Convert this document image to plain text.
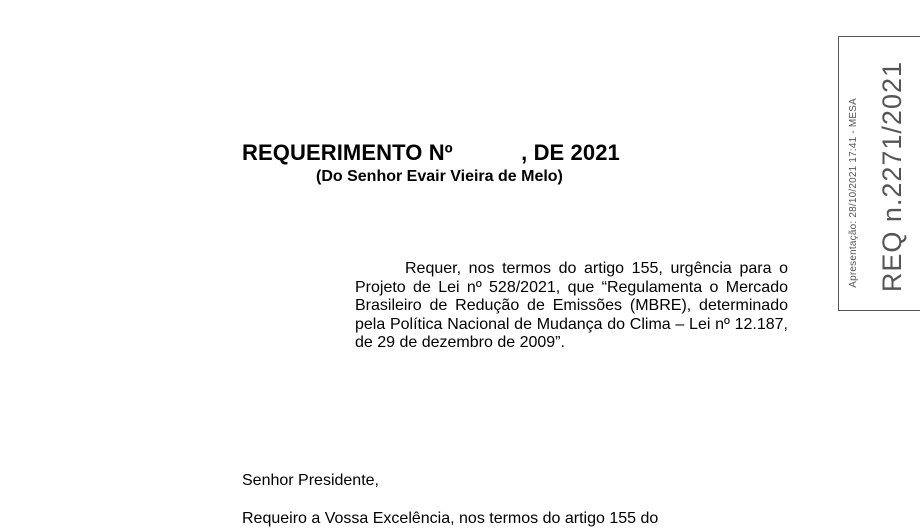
REQUERIMENTO Nº           , DE 2021
(Do Senhor Evair Vieira de Melo)

Requer, nos termos do artigo 155, urgência para o Projeto de Lei nº 528/2021, que “Regulamenta o Mercado Brasileiro de Redução de Emissões (MBRE), determinado pela Política Nacional de Mudança do Clima – Lei nº 12.187, de 29 de dezembro de 2009”.

Senhor Presidente,
Requeiro a Vossa Excelência, nos termos do artigo 155 do
Apresentação: 28/10/2021 17:41 - MESA REQ n.2271/2021
